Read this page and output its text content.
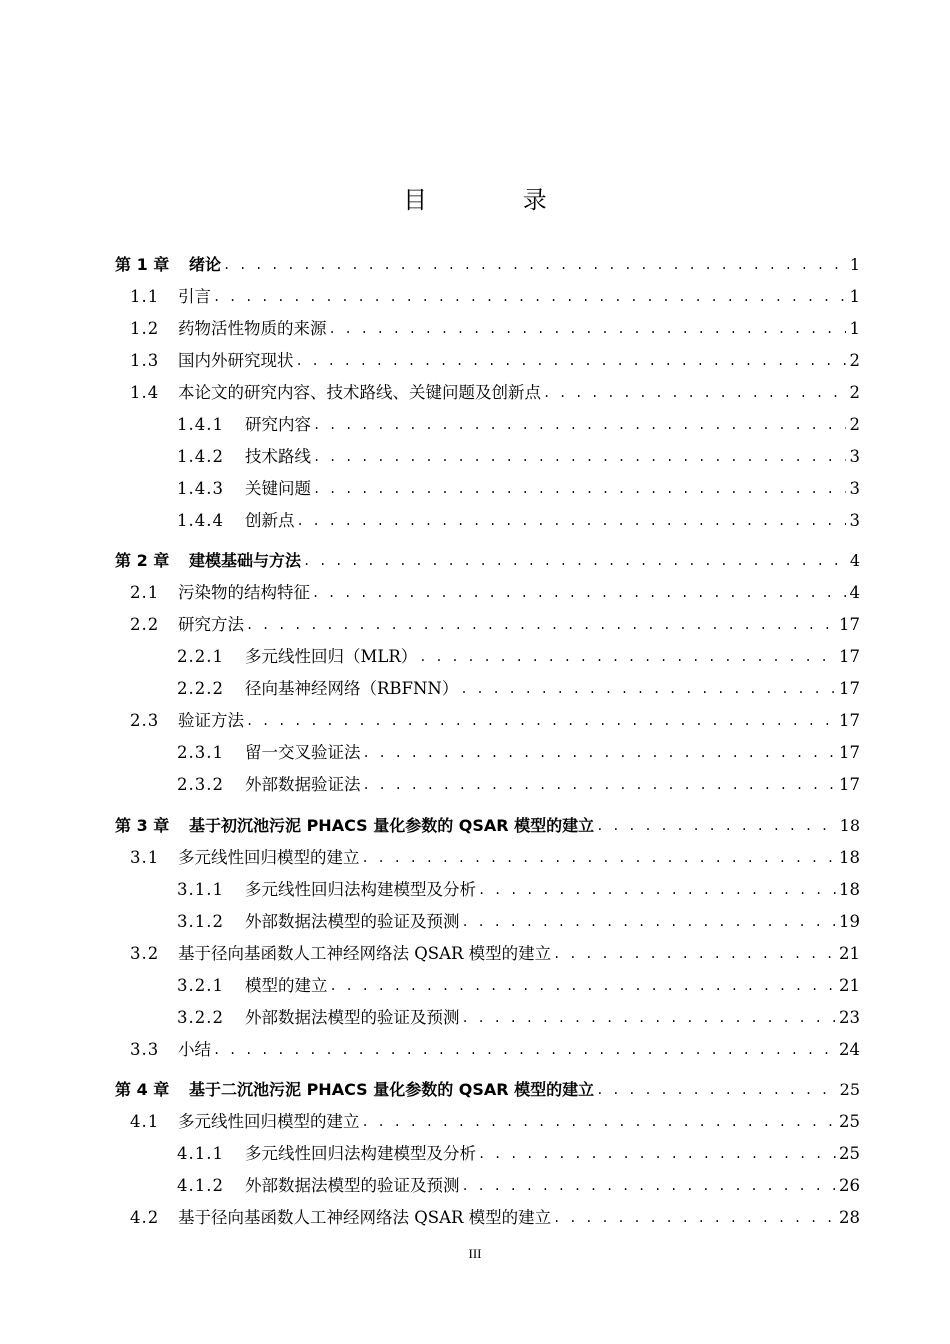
目 录
第 1 章	绪论 . . .	1
1.1	引言 . . .	1
1.2	药物活性物质的来源 . . .	1
1.3	国内外研究现状 . . .	2
1.4	本论文的研究内容、技术路线、关键问题及创新点 . . .	2
1.4.1	研究内容 . . .	2
1.4.2	技术路线 . . .	3
1.4.3	关键问题 . . .	3
1.4.4	创新点 . . .	3
第 2 章	建模基础与方法 . . .	4
2.1	污染物的结构特征 . . .	4
2.2	研究方法 . . .	17
2.2.1	多元线性回归（MLR） . . .	17
2.2.2	径向基神经网络（RBFNN） . . .	17
2.3	验证方法 . . .	17
2.3.1	留一交叉验证法 . . .	17
2.3.2	外部数据验证法 . . .	17
第 3 章	基于初沉池污泥 PHACS 量化参数的 QSAR 模型的建立 . . .	18
3.1	多元线性回归模型的建立 . . .	18
3.1.1	多元线性回归法构建模型及分析 . . .	18
3.1.2	外部数据法模型的验证及预测 . . .	19
3.2	基于径向基函数人工神经网络法 QSAR 模型的建立 . . .	21
3.2.1	模型的建立 . . .	21
3.2.2	外部数据法模型的验证及预测 . . .	23
3.3	小结 . . .	24
第 4 章	基于二沉池污泥 PHACS 量化参数的 QSAR 模型的建立 . . .	25
4.1	多元线性回归模型的建立 . . .	25
4.1.1	多元线性回归法构建模型及分析 . . .	25
4.1.2	外部数据法模型的验证及预测 . . .	26
4.2	基于径向基函数人工神经网络法 QSAR 模型的建立 . . .	28
III
